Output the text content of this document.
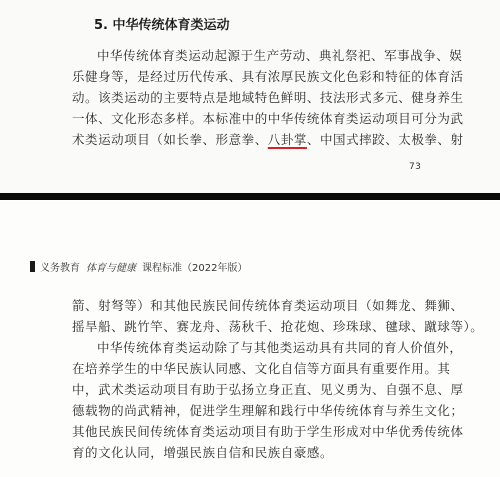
5. 中华传统体育类运动
中华传统体育类运动起源于生产劳动、典礼祭祀、军事战争、娱
乐健身等，是经过历代传承、具有浓厚民族文化色彩和特征的体育活
动。该类运动的主要特点是地域特色鲜明、技法形式多元、健身养生
一体、文化形态多样。本标准中的中华传统体育类运动项目可分为武
术类运动项目（如长拳、形意拳、八卦掌、中国式摔跤、太极拳、射
73
义务教育 体育与健康 课程标准（2022年版）
箭、射弩等）和其他民族民间传统体育类运动项目（如舞龙、舞狮、
摇旱船、跳竹竿、赛龙舟、荡秋千、抢花炮、珍珠球、毽球、蹴球等）。
中华传统体育类运动除了与其他类运动具有共同的育人价值外，
在培养学生的中华民族认同感、文化自信等方面具有重要作用。其
中，武术类运动项目有助于弘扬立身正直、见义勇为、自强不息、厚
德载物的尚武精神，促进学生理解和践行中华传统体育与养生文化；
其他民族民间传统体育类运动项目有助于学生形成对中华优秀传统体
育的文化认同，增强民族自信和民族自豪感。
